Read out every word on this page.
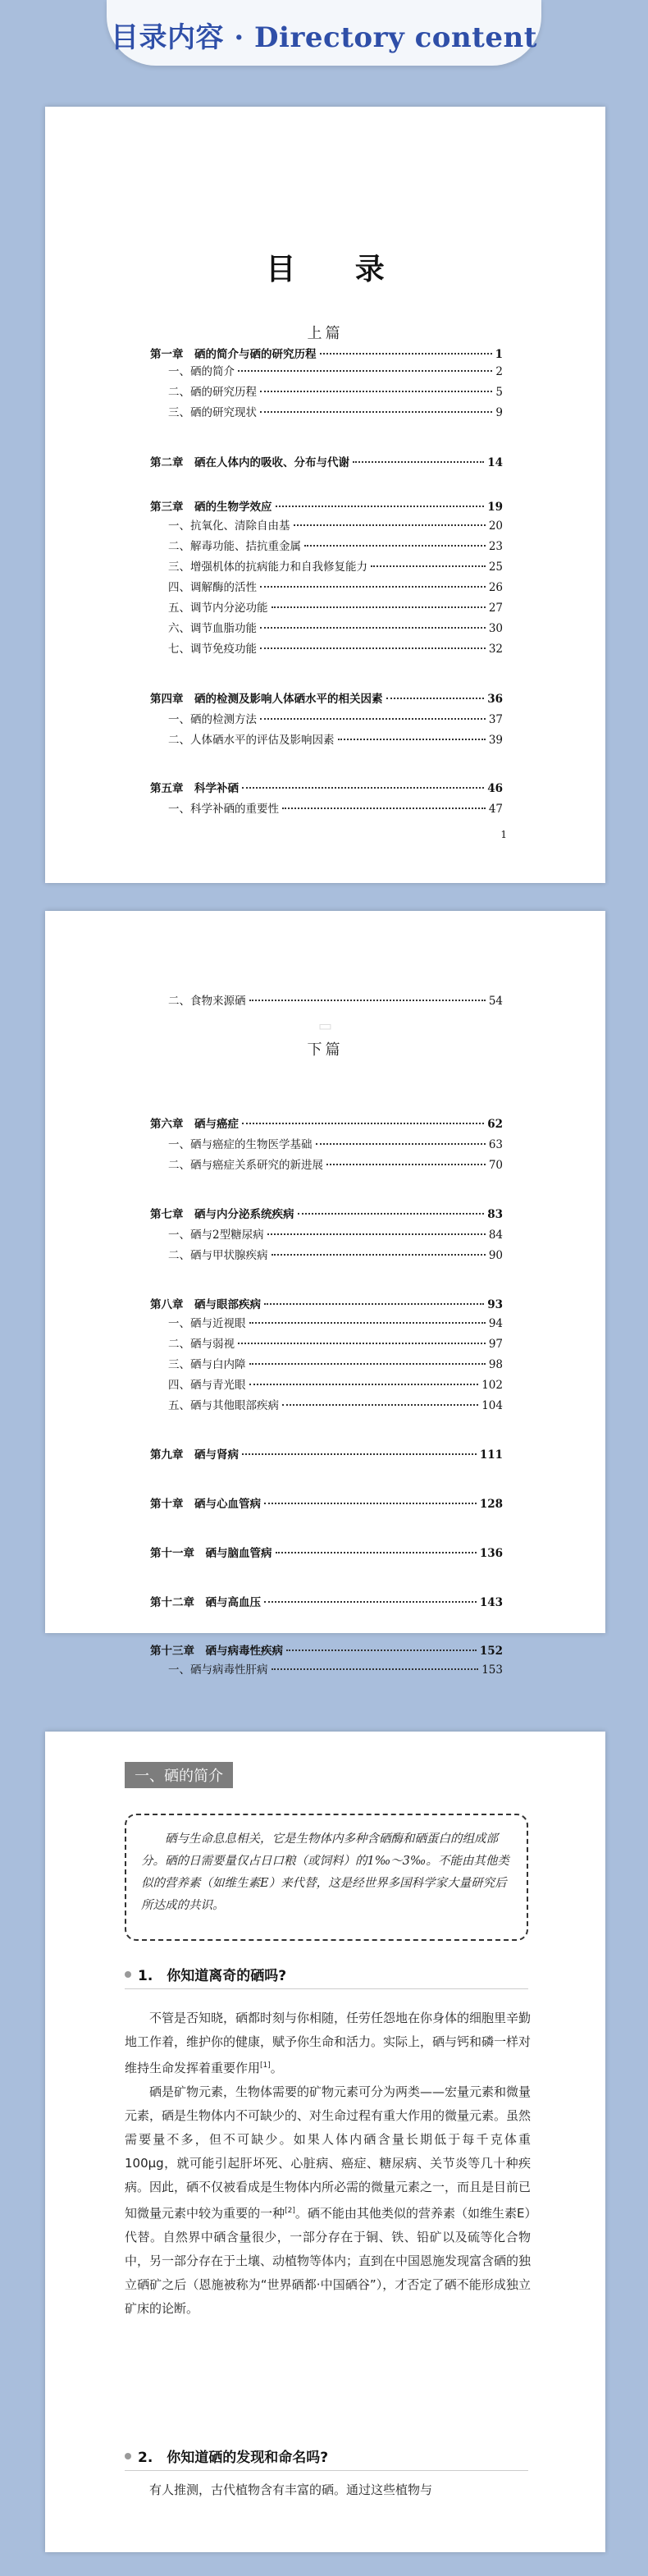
目录内容 · Directory content
目 录
上篇
第一章　硒的简介与硒的研究历程	1
一、硒的简介	2
二、硒的研究历程	5
三、硒的研究现状	9
第二章　硒在人体内的吸收、分布与代谢	14
第三章　硒的生物学效应	19
一、抗氧化、清除自由基	20
二、解毒功能、拮抗重金属	23
三、增强机体的抗病能力和自我修复能力	25
四、调解酶的活性	26
五、调节内分泌功能	27
六、调节血脂功能	30
七、调节免疫功能	32
第四章　硒的检测及影响人体硒水平的相关因素	36
一、硒的检测方法	37
二、人体硒水平的评估及影响因素	39
第五章　科学补硒	46
一、科学补硒的重要性	47
1
▭
下篇
二、食物来源硒	54
第六章　硒与癌症	62
一、硒与癌症的生物医学基础	63
二、硒与癌症关系研究的新进展	70
第七章　硒与内分泌系统疾病	83
一、硒与2型糖尿病	84
二、硒与甲状腺疾病	90
第八章　硒与眼部疾病	93
一、硒与近视眼	94
二、硒与弱视	97
三、硒与白内障	98
四、硒与青光眼	102
五、硒与其他眼部疾病	104
第九章　硒与肾病	111
第十章　硒与心血管病	128
第十一章　硒与脑血管病	136
第十二章　硒与高血压	143
第十三章　硒与病毒性疾病	152
一、硒与病毒性肝病	153
一、硒的简介
硒与生命息息相关，它是生物体内多种含硒酶和硒蛋白的组成部分。硒的日需要量仅占日口粮（或饲料）的1‰～3‰。不能由其他类似的营养素（如维生素E）来代替，这是经世界多国科学家大量研究后所达成的共识。
1.　你知道离奇的硒吗?

不管是否知晓，硒都时刻与你相随，任劳任怨地在你身体的细胞里辛勤地工作着，维护你的健康，赋予你生命和活力。实际上，硒与钙和磷一样对维持生命发挥着重要作用[1]。

硒是矿物元素，生物体需要的矿物元素可分为两类——宏量元素和微量元素，硒是生物体内不可缺少的、对生命过程有重大作用的微量元素。虽然需要量不多，但不可缺少。如果人体内硒含量长期低于每千克体重 100μg，就可能引起肝坏死、心脏病、癌症、糖尿病、关节炎等几十种疾病。因此，硒不仅被看成是生物体内所必需的微量元素之一，而且是目前已知微量元素中较为重要的一种[2]。硒不能由其他类似的营养素（如维生素E）代替。自然界中硒含量很少，一部分存在于铜、铁、铅矿以及硫等化合物中，另一部分存在于土壤、动植物等体内；直到在中国恩施发现富含硒的独立硒矿之后（恩施被称为“世界硒都·中国硒谷”），才否定了硒不能形成独立矿床的论断。

2.　你知道硒的发现和命名吗?

有人推测，古代植物含有丰富的硒。通过这些植物与
